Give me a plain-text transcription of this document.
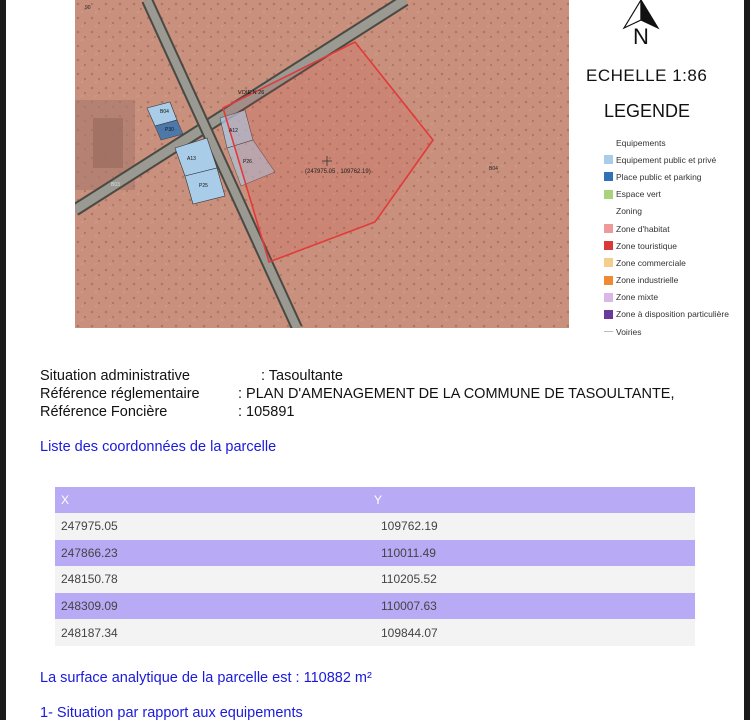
(247975.05 , 109762.19)
VOIE N 26
90
B04
B03
B04
P30	A12
A13	P26
P25
N
ECHELLE 1:86
LEGENDE
Equipements
Equipement public et privé
Place public et parking
Espace vert
Zoning
Zone d'habitat
Zone touristique
Zone commerciale
Zone industrielle
Zone mixte
Zone à disposition particulière
Voiries
Situation administrative	: Tasoultante
Référence réglementaire	: PLAN D'AMENAGEMENT DE LA COMMUNE DE TASOULTANTE,
Référence Foncière	: 105891
Liste des coordonnées de la parcelle
X	Y
247975.05	109762.19
247866.23	110011.49
248150.78	110205.52
248309.09	110007.63
248187.34	109844.07
La surface analytique de la parcelle est : 110882 m²
1- Situation par rapport aux equipements
